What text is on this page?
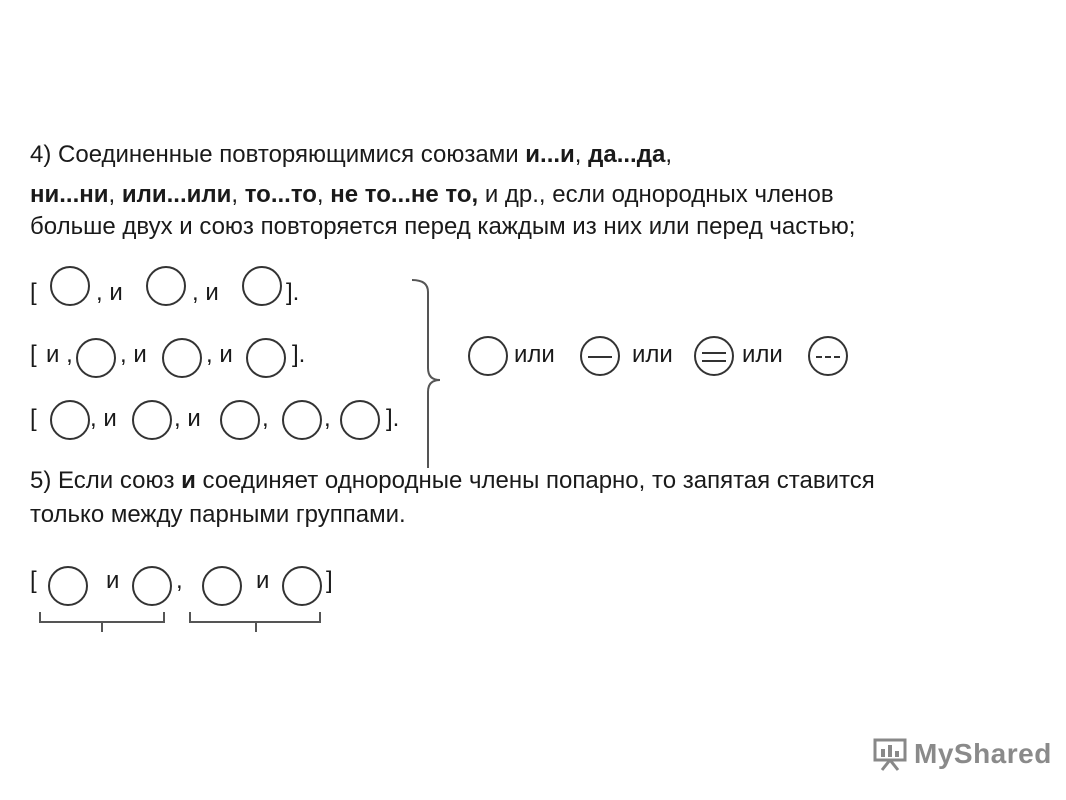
4) Соединенные повторяющимися союзами и...и, да...да,
ни...ни, или...или, то...то, не то...не то, и др., если однородных членов
больше двух и союз повторяется перед каждым из них или перед частью;
[ , и	, и	].
[ и , , и , и ].
[ , и , и	, , ].
или	или	или
5) Если союз и соединяет однородные члены попарно, то запятая ставится
только между парными группами.
[	и ,	и ]
MyShared
